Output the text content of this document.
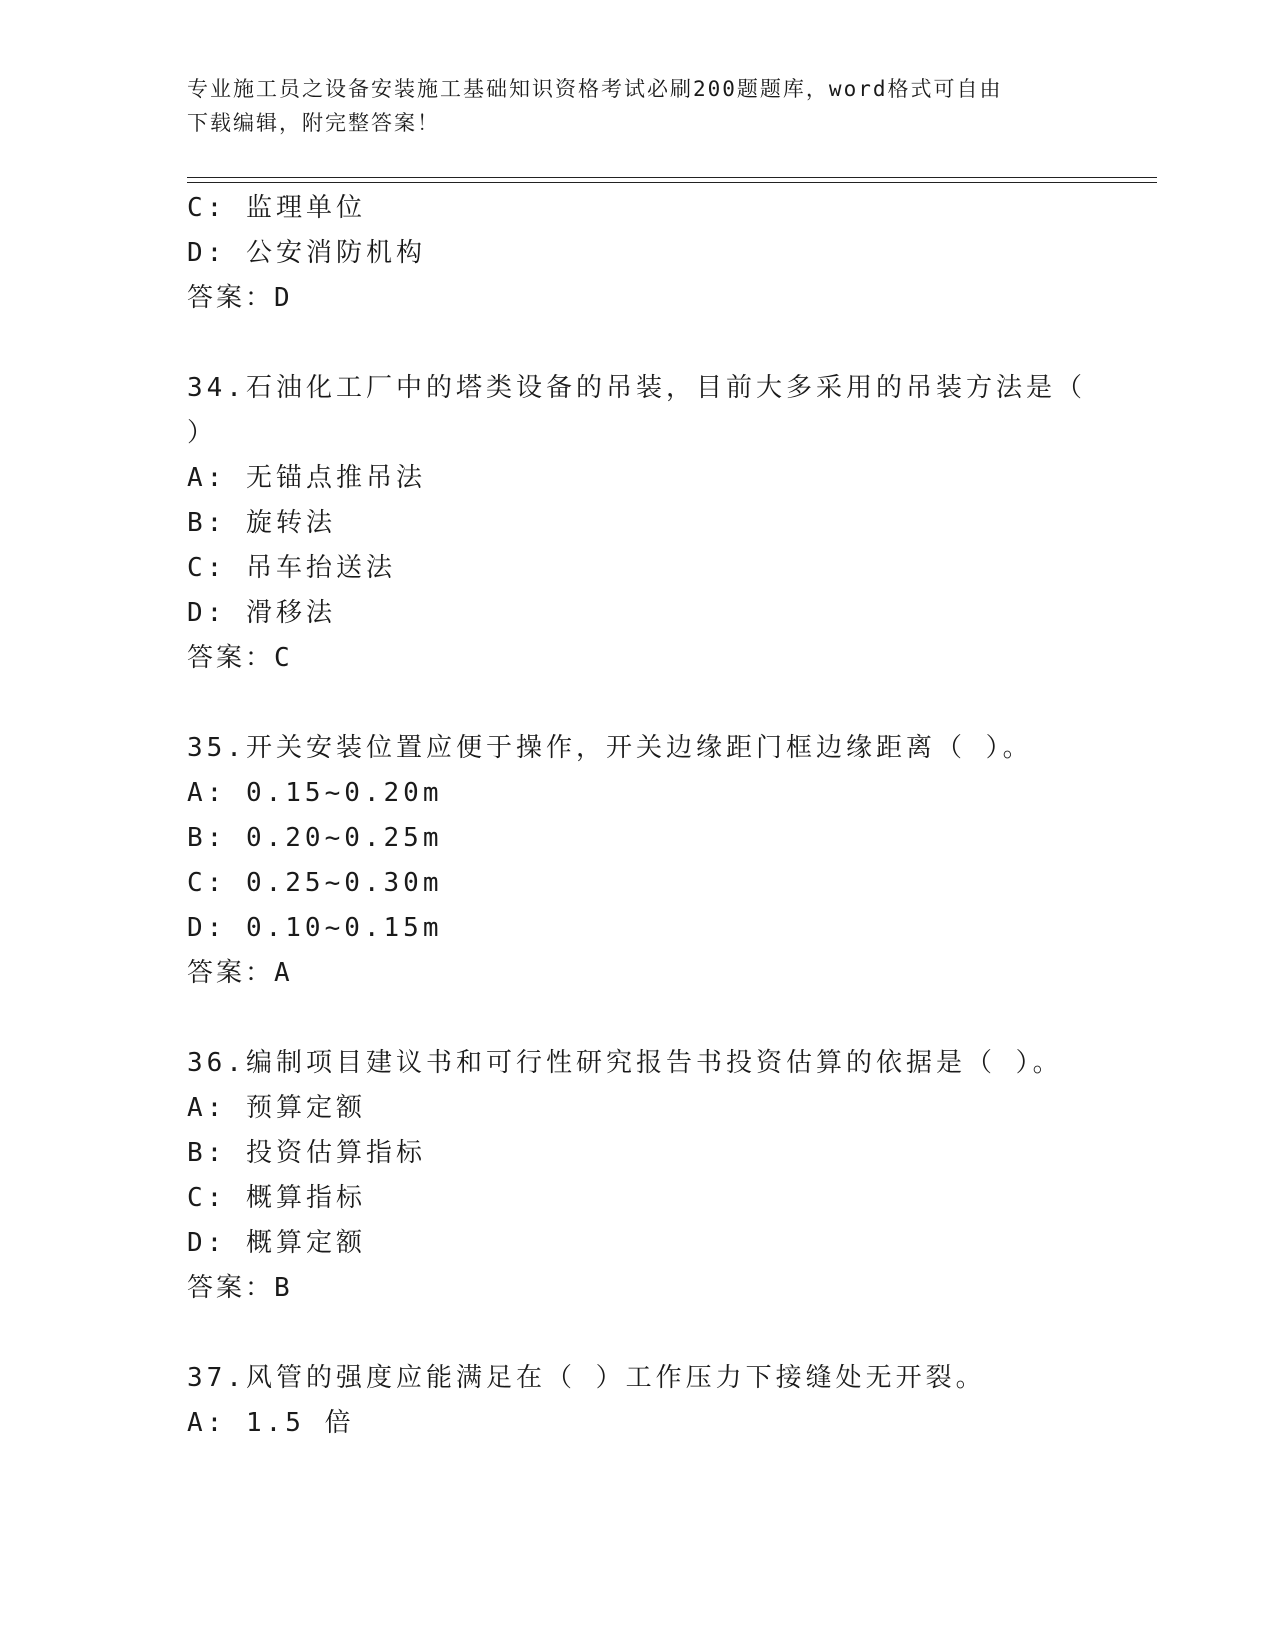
专业施工员之设备安装施工基础知识资格考试必刷200题题库，word格式可自由
下载编辑，附完整答案！
C: 监理单位
D: 公安消防机构
答案：D
34.石油化工厂中的塔类设备的吊装，目前大多采用的吊装方法是（
）
A: 无锚点推吊法
B: 旋转法
C: 吊车抬送法
D: 滑移法
答案：C
35.开关安装位置应便于操作，开关边缘距门框边缘距离（ ）。
A: 0.15~0.20m
B: 0.20~0.25m
C: 0.25~0.30m
D: 0.10~0.15m
答案：A
36.编制项目建议书和可行性研究报告书投资估算的依据是（ ）。
A: 预算定额
B: 投资估算指标
C: 概算指标
D: 概算定额
答案：B
37.风管的强度应能满足在（ ）工作压力下接缝处无开裂。
A: 1.5 倍
